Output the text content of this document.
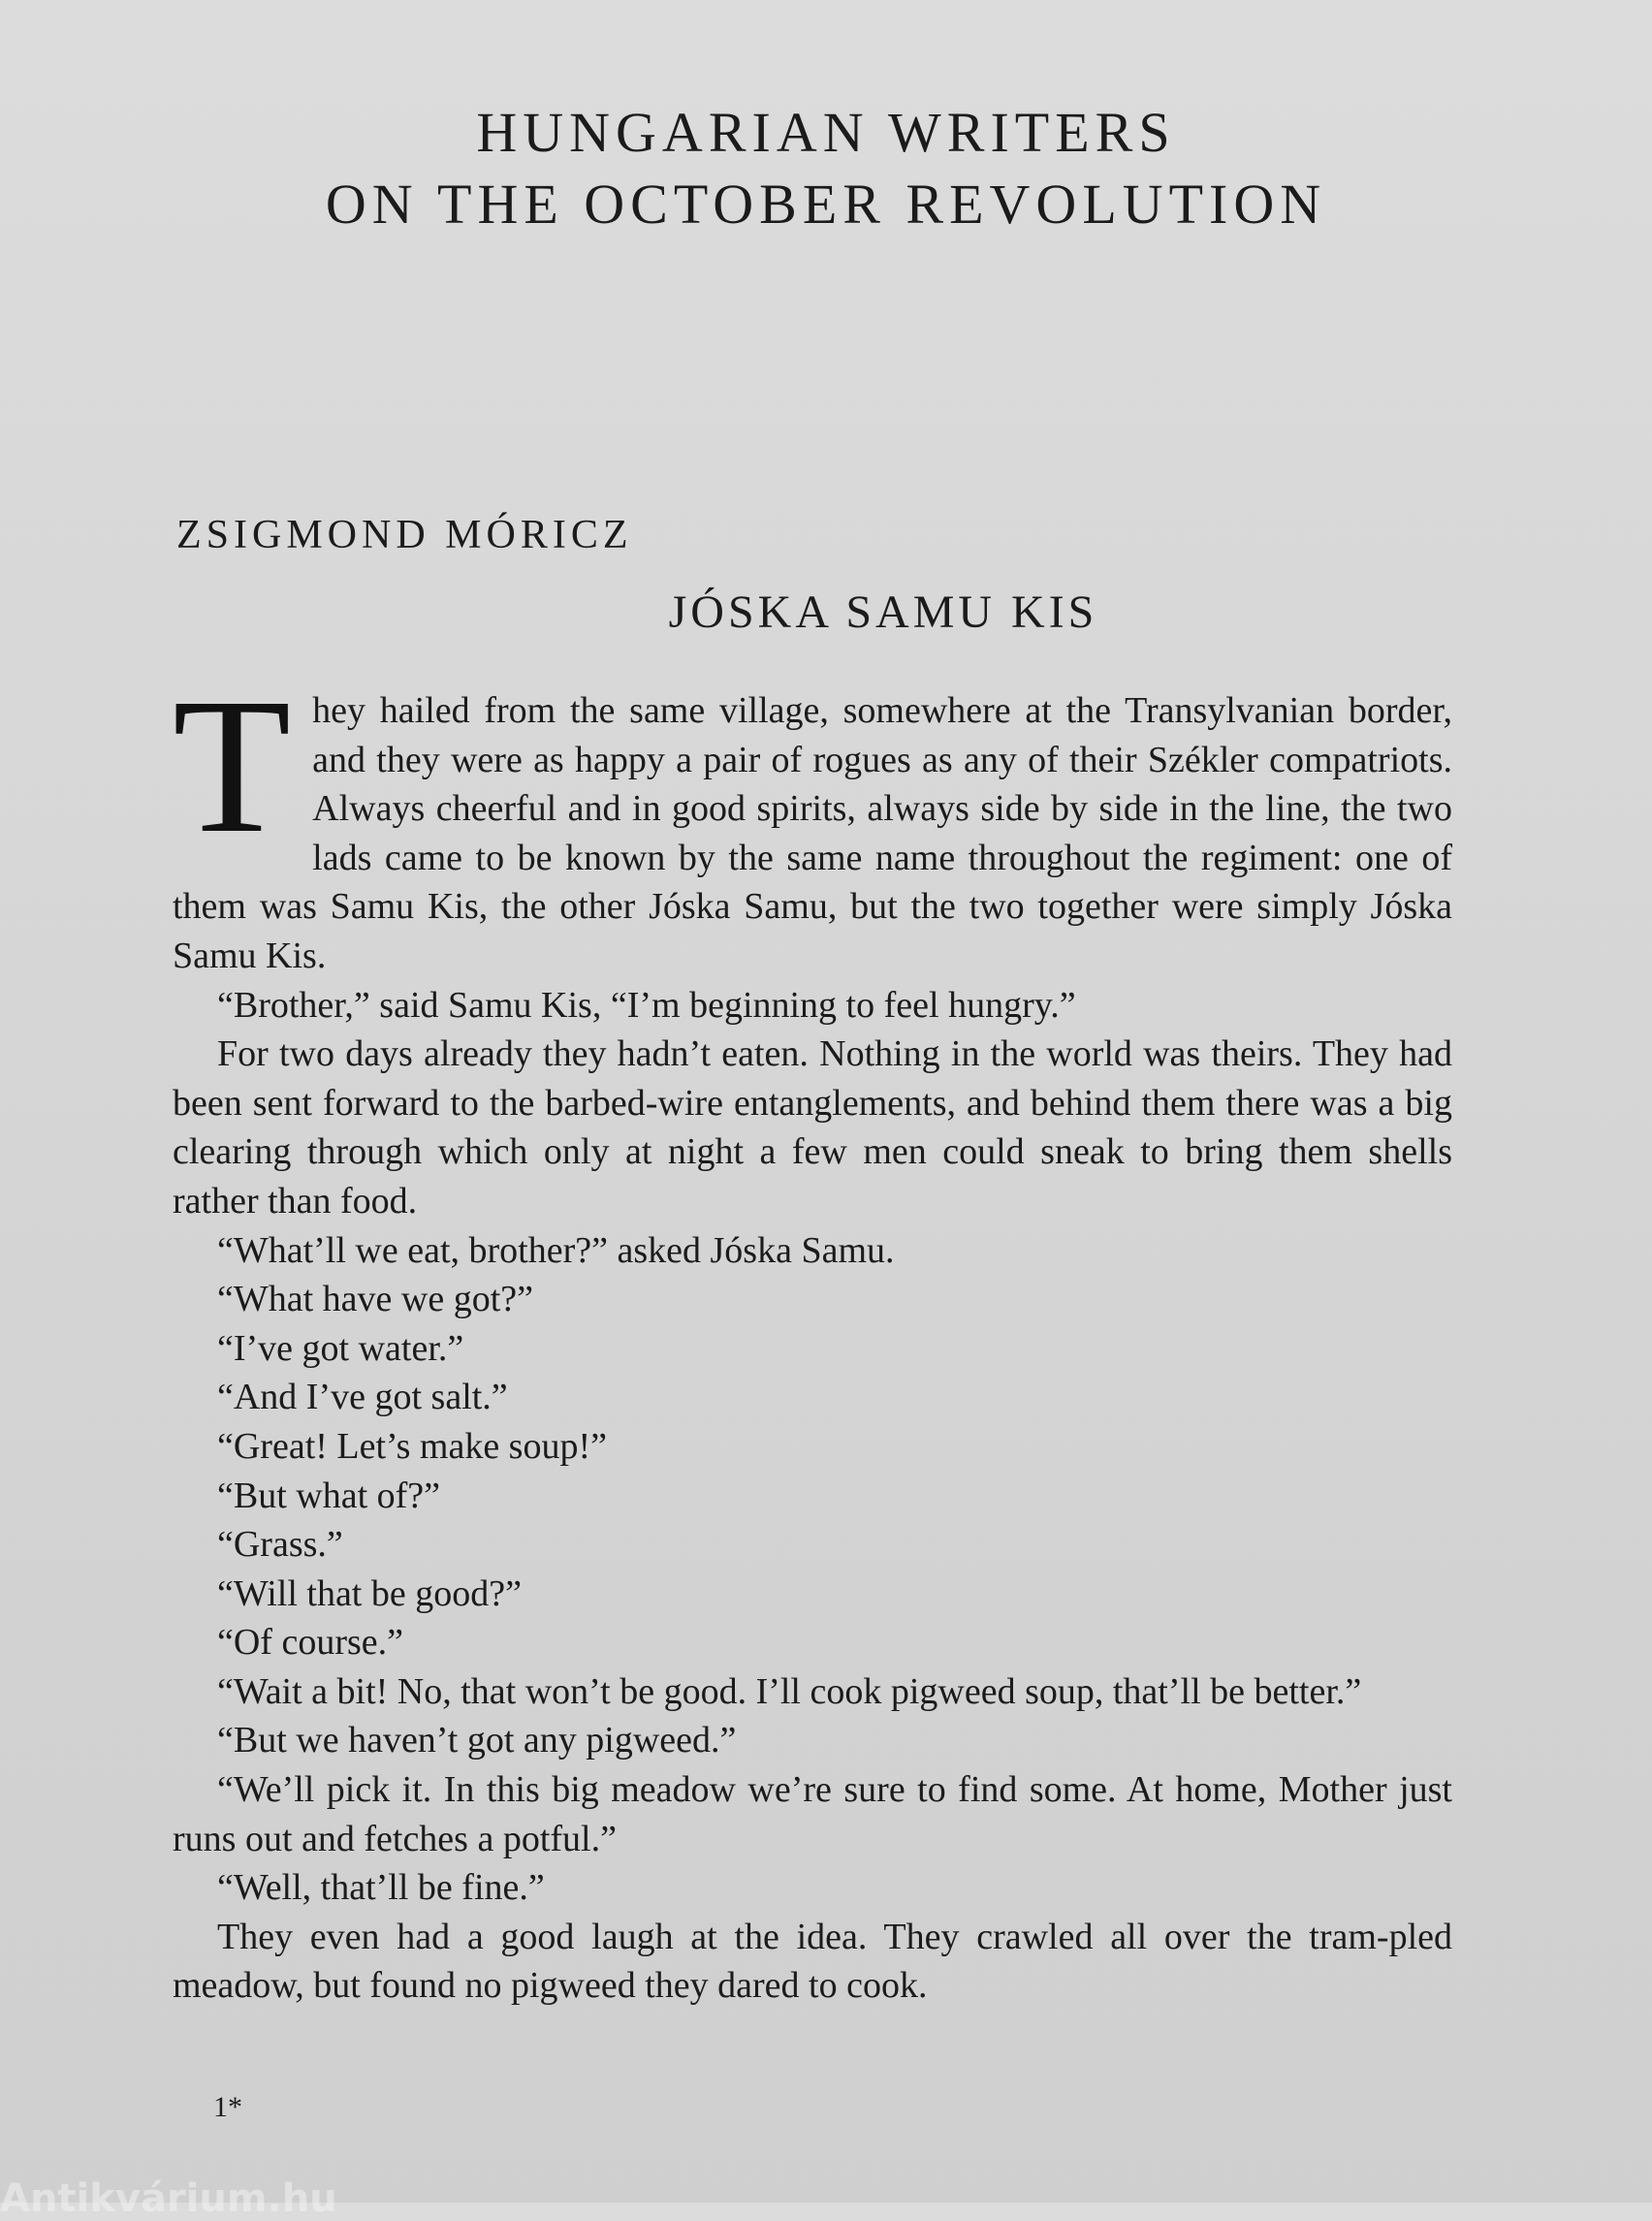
HUNGARIAN WRITERS
ON THE OCTOBER REVOLUTION
ZSIGMOND MÓRICZ
JÓSKA SAMU KIS

They hailed from the same village, somewhere at the Transylvanian border, and they were as happy a pair of rogues as any of their Székler compatriots. Always cheerful and in good spirits, always side by side in the line, the two lads came to be known by the same name throughout the regiment: one of them was Samu Kis, the other Jóska Samu, but the two together were simply Jóska Samu Kis.

“Brother,” said Samu Kis, “I’m beginning to feel hungry.”

For two days already they hadn’t eaten. Nothing in the world was theirs. They had been sent forward to the barbed-wire entanglements, and behind them there was a big clearing through which only at night a few men could sneak to bring them shells rather than food.

“What’ll we eat, brother?” asked Jóska Samu.

“What have we got?”

“I’ve got water.”

“And I’ve got salt.”

“Great! Let’s make soup!”

“But what of?”

“Grass.”

“Will that be good?”

“Of course.”

“Wait a bit! No, that won’t be good. I’ll cook pigweed soup, that’ll be better.”

“But we haven’t got any pigweed.”

“We’ll pick it. In this big meadow we’re sure to find some. At home, Mother just runs out and fetches a potful.”

“Well, that’ll be fine.”

They even had a good laugh at the idea. They crawled all over the tram-pled meadow, but found no pigweed they dared to cook.

1*
Antikvárium.hu
